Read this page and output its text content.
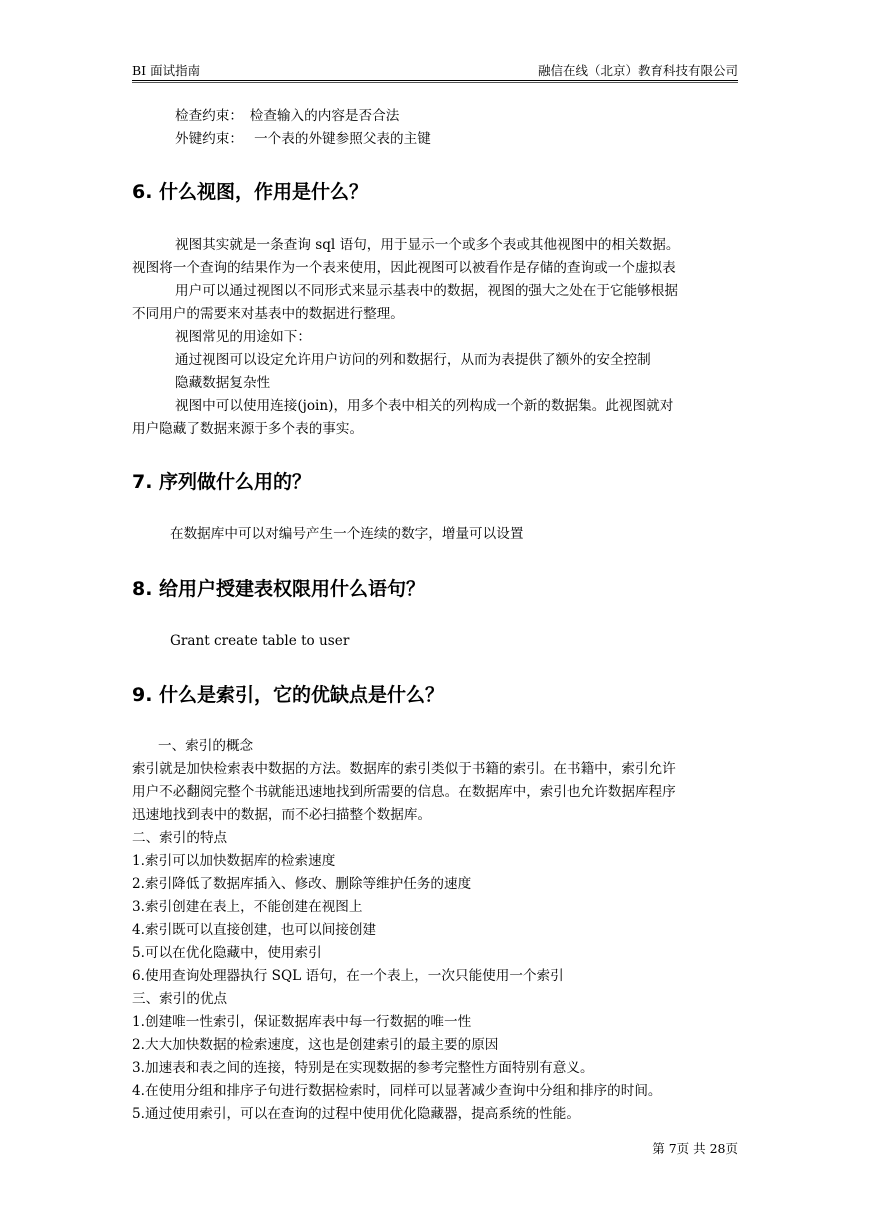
BI 面试指南	融信在线（北京）教育科技有限公司
检查约束：　检查输入的内容是否合法
外键约束：　 一个表的外键参照父表的主键
6. 什么视图，作用是什么？
视图其实就是一条查询 sql 语句，用于显示一个或多个表或其他视图中的相关数据。
视图将一个查询的结果作为一个表来使用，因此视图可以被看作是存储的查询或一个虚拟表
用户可以通过视图以不同形式来显示基表中的数据，视图的强大之处在于它能够根据
不同用户的需要来对基表中的数据进行整理。
视图常见的用途如下：
通过视图可以设定允许用户访问的列和数据行，从而为表提供了额外的安全控制
隐藏数据复杂性
视图中可以使用连接(join)，用多个表中相关的列构成一个新的数据集。此视图就对
用户隐藏了数据来源于多个表的事实。
7. 序列做什么用的？
在数据库中可以对编号产生一个连续的数字，增量可以设置
8. 给用户授建表权限用什么语句？
Grant create table to user
9. 什么是索引，它的优缺点是什么？
一、索引的概念
索引就是加快检索表中数据的方法。数据库的索引类似于书籍的索引。在书籍中，索引允许
用户不必翻阅完整个书就能迅速地找到所需要的信息。在数据库中，索引也允许数据库程序
迅速地找到表中的数据，而不必扫描整个数据库。
二、索引的特点
1.索引可以加快数据库的检索速度
2.索引降低了数据库插入、修改、删除等维护任务的速度
3.索引创建在表上，不能创建在视图上
4.索引既可以直接创建，也可以间接创建
5.可以在优化隐藏中，使用索引
6.使用查询处理器执行 SQL 语句，在一个表上，一次只能使用一个索引
三、索引的优点
1.创建唯一性索引，保证数据库表中每一行数据的唯一性
2.大大加快数据的检索速度，这也是创建索引的最主要的原因
3.加速表和表之间的连接，特别是在实现数据的参考完整性方面特别有意义。
4.在使用分组和排序子句进行数据检索时，同样可以显著减少查询中分组和排序的时间。
5.通过使用索引，可以在查询的过程中使用优化隐藏器，提高系统的性能。
第 7页 共 28页
